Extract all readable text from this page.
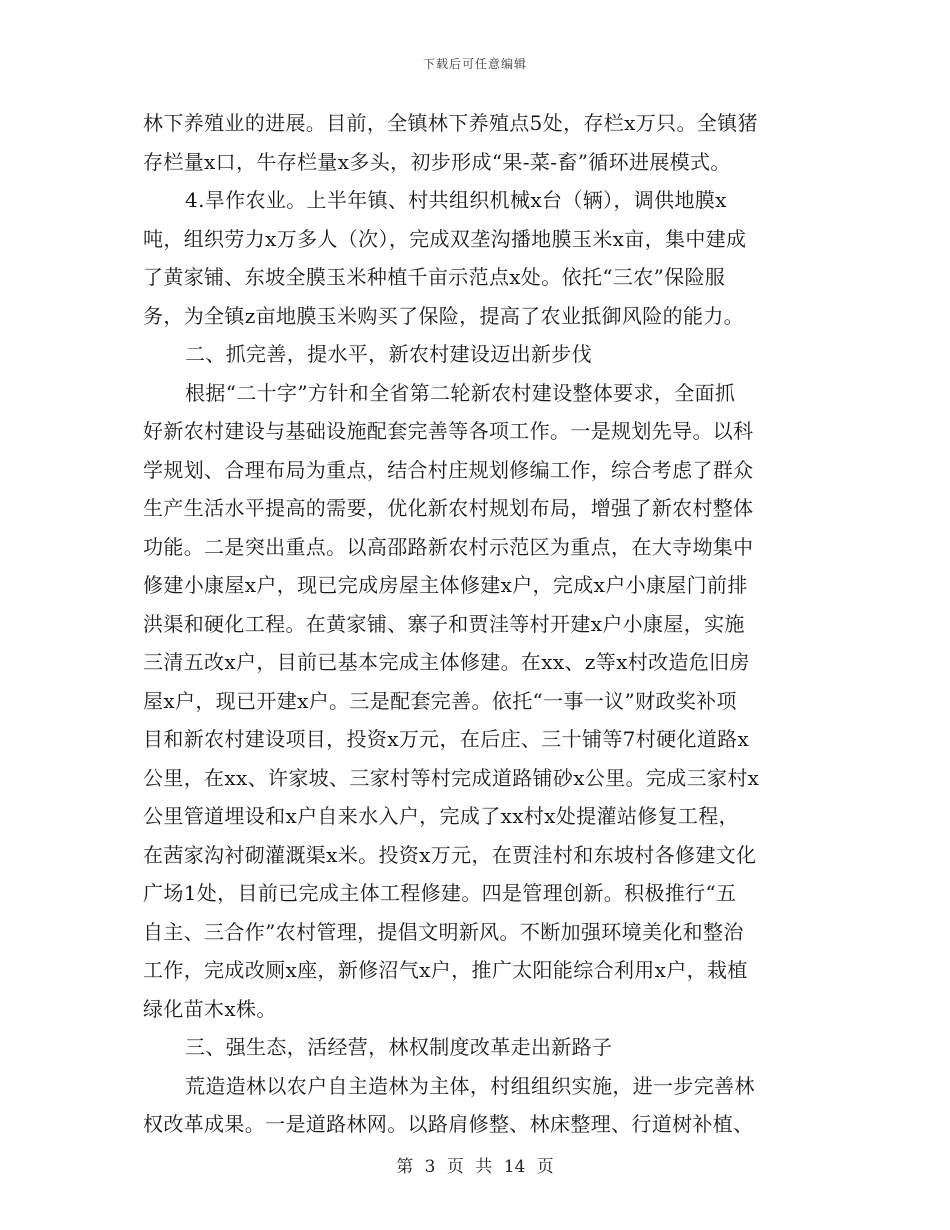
下载后可任意编辑
林下养殖业的进展。目前，全镇林下养殖点5处，存栏x万只。全镇猪
存栏量x口，牛存栏量x多头，初步形成“果-菜-畜”循环进展模式。
4.旱作农业。上半年镇、村共组织机械x台（辆），调供地膜x
吨，组织劳力x万多人（次），完成双垄沟播地膜玉米x亩，集中建成
了黄家铺、东坡全膜玉米种植千亩示范点x处。依托“三农”保险服
务，为全镇z亩地膜玉米购买了保险，提高了农业抵御风险的能力。
二、抓完善，提水平，新农村建设迈出新步伐
根据“二十字”方针和全省第二轮新农村建设整体要求，全面抓
好新农村建设与基础设施配套完善等各项工作。一是规划先导。以科
学规划、合理布局为重点，结合村庄规划修编工作，综合考虑了群众
生产生活水平提高的需要，优化新农村规划布局，增强了新农村整体
功能。二是突出重点。以高邵路新农村示范区为重点，在大寺坳集中
修建小康屋x户，现已完成房屋主体修建x户，完成x户小康屋门前排
洪渠和硬化工程。在黄家铺、寨子和贾洼等村开建x户小康屋，实施
三清五改x户，目前已基本完成主体修建。在xx、z等x村改造危旧房
屋x户，现已开建x户。三是配套完善。依托“一事一议”财政奖补项
目和新农村建设项目，投资x万元，在后庄、三十铺等7村硬化道路x
公里，在xx、许家坡、三家村等村完成道路铺砂x公里。完成三家村x
公里管道埋设和x户自来水入户，完成了xx村x处提灌站修复工程，
在茜家沟衬砌灌溉渠x米。投资x万元，在贾洼村和东坡村各修建文化
广场1处，目前已完成主体工程修建。四是管理创新。积极推行“五
自主、三合作”农村管理，提倡文明新风。不断加强环境美化和整治
工作，完成改厕x座，新修沼气x户，推广太阳能综合利用x户，栽植
绿化苗木x株。
三、强生态，活经营，林权制度改革走出新路子
荒造造林以农户自主造林为主体，村组组织实施，进一步完善林
权改革成果。一是道路林网。以路肩修整、林床整理、行道树补植、
第 3 页 共 14 页
